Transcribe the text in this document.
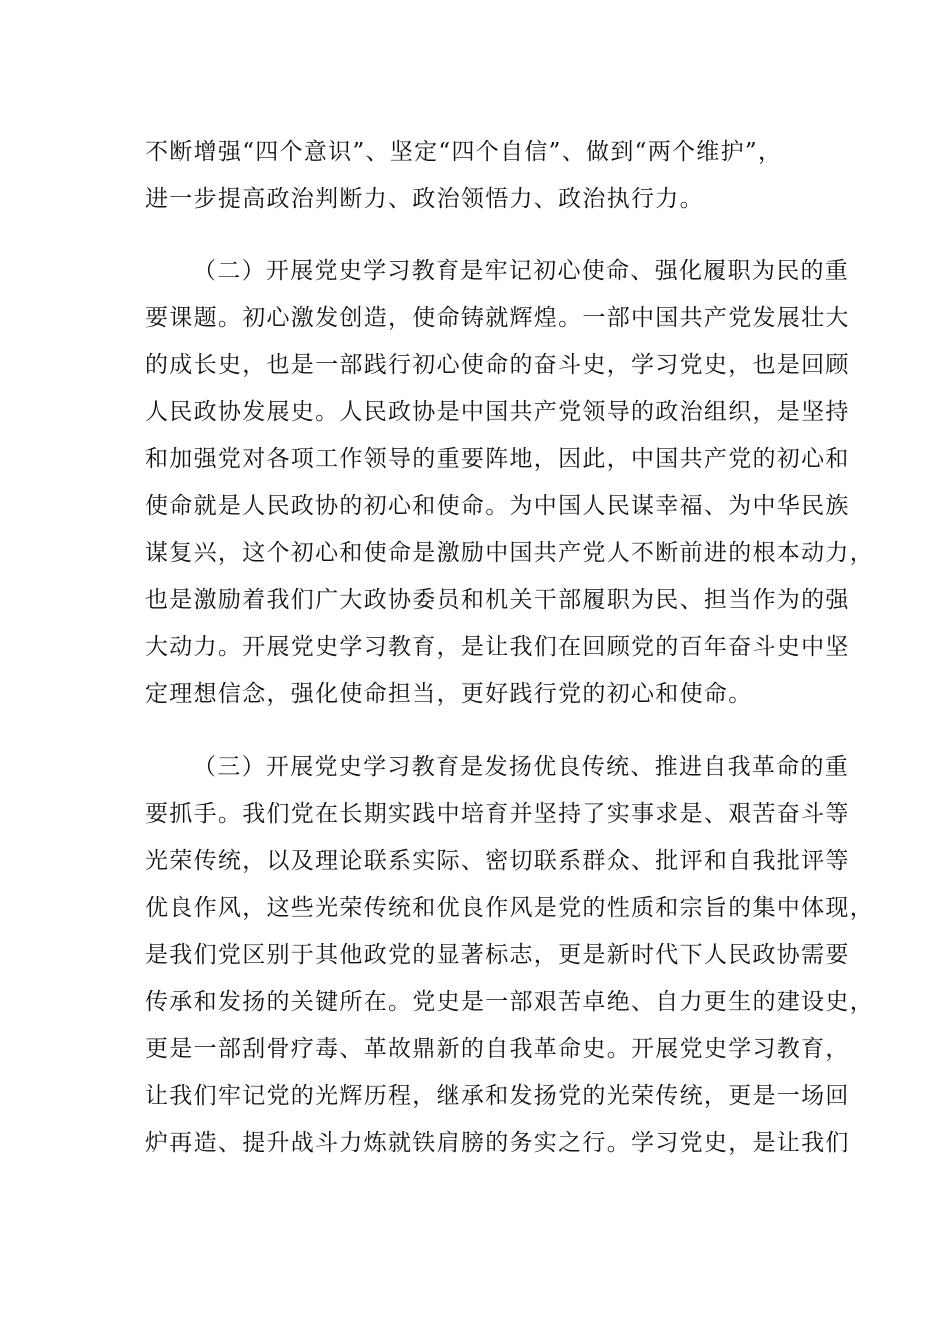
不断增强“四个意识”、坚定“四个自信”、做到“两个维护”，
进一步提高政治判断力、政治领悟力、政治执行力。
（二）开展党史学习教育是牢记初心使命、强化履职为民的重
要课题。初心激发创造，使命铸就辉煌。一部中国共产党发展壮大
的成长史，也是一部践行初心使命的奋斗史，学习党史，也是回顾
人民政协发展史。人民政协是中国共产党领导的政治组织，是坚持
和加强党对各项工作领导的重要阵地，因此，中国共产党的初心和
使命就是人民政协的初心和使命。为中国人民谋幸福、为中华民族
谋复兴，这个初心和使命是激励中国共产党人不断前进的根本动力，
也是激励着我们广大政协委员和机关干部履职为民、担当作为的强
大动力。开展党史学习教育，是让我们在回顾党的百年奋斗史中坚
定理想信念，强化使命担当，更好践行党的初心和使命。
（三）开展党史学习教育是发扬优良传统、推进自我革命的重
要抓手。我们党在长期实践中培育并坚持了实事求是、艰苦奋斗等
光荣传统，以及理论联系实际、密切联系群众、批评和自我批评等
优良作风，这些光荣传统和优良作风是党的性质和宗旨的集中体现，
是我们党区别于其他政党的显著标志，更是新时代下人民政协需要
传承和发扬的关键所在。党史是一部艰苦卓绝、自力更生的建设史，
更是一部刮骨疗毒、革故鼎新的自我革命史。开展党史学习教育，
让我们牢记党的光辉历程，继承和发扬党的光荣传统，更是一场回
炉再造、提升战斗力炼就铁肩膀的务实之行。学习党史，是让我们
